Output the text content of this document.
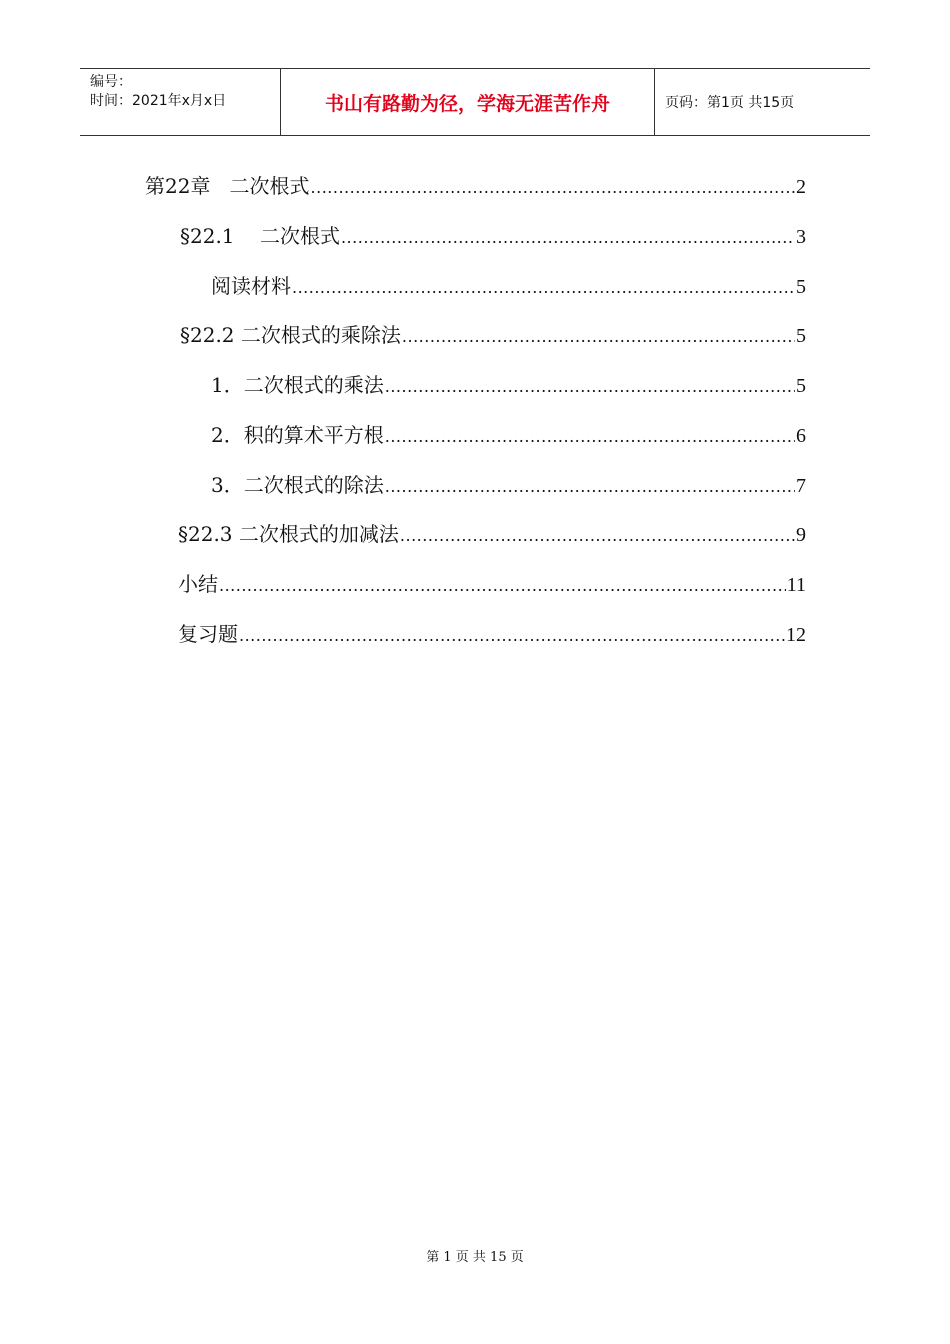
编号：
时间：2021年x月x日	书山有路勤为径，学海无涯苦作舟	页码：第1页 共15页
第22章   二次根式 .....	2
§22.1    二次根式 .....	3
阅读材料 .....	5
§22.2 二次根式的乘除法 .....	5
1．二次根式的乘法 .....	5
2．积的算术平方根 .....	6
3．二次根式的除法 .....	7
§22.3 二次根式的加减法 .....	9
小结 .....	11
复习题 .....	12
第 1 页 共 15 页
